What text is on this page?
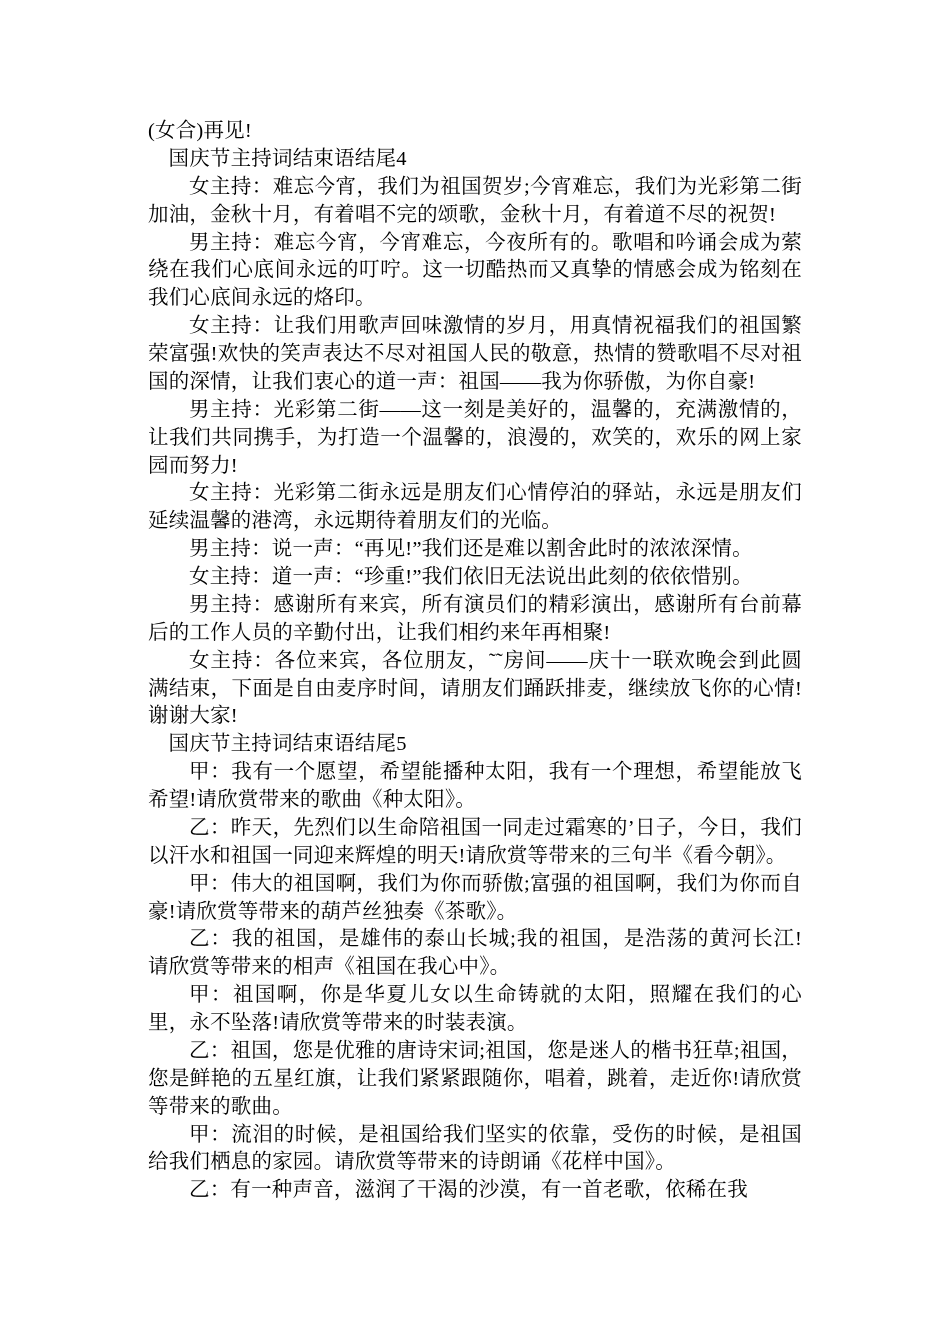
(女合)再见!

国庆节主持词结束语结尾4

女主持：难忘今宵，我们为祖国贺岁;今宵难忘，我们为光彩第二街加油，金秋十月，有着唱不完的颂歌，金秋十月，有着道不尽的祝贺!

男主持：难忘今宵，今宵难忘，今夜所有的。歌唱和吟诵会成为萦绕在我们心底间永远的叮咛。这一切酷热而又真挚的情感会成为铭刻在我们心底间永远的烙印。

女主持：让我们用歌声回味激情的岁月，用真情祝福我们的祖国繁荣富强!欢快的笑声表达不尽对祖国人民的敬意，热情的赞歌唱不尽对祖国的深情，让我们衷心的道一声：祖国——我为你骄傲，为你自豪!

男主持：光彩第二街——这一刻是美好的，温馨的，充满激情的，让我们共同携手，为打造一个温馨的，浪漫的，欢笑的，欢乐的网上家园而努力!

女主持：光彩第二街永远是朋友们心情停泊的驿站，永远是朋友们延续温馨的港湾，永远期待着朋友们的光临。

男主持：说一声：“再见!”我们还是难以割舍此时的浓浓深情。

女主持：道一声：“珍重!”我们依旧无法说出此刻的依依惜别。

男主持：感谢所有来宾，所有演员们的精彩演出，感谢所有台前幕后的工作人员的辛勤付出，让我们相约来年再相聚!

女主持：各位来宾，各位朋友，˜˜房间——庆十一联欢晚会到此圆满结束，下面是自由麦序时间，请朋友们踊跃排麦，继续放飞你的心情!谢谢大家!

国庆节主持词结束语结尾5

甲：我有一个愿望，希望能播种太阳，我有一个理想，希望能放飞希望!请欣赏带来的歌曲《种太阳》。

乙：昨天，先烈们以生命陪祖国一同走过霜寒的’日子，今日，我们以汗水和祖国一同迎来辉煌的明天!请欣赏等带来的三句半《看今朝》。

甲：伟大的祖国啊，我们为你而骄傲;富强的祖国啊，我们为你而自豪!请欣赏等带来的葫芦丝独奏《茶歌》。

乙：我的祖国，是雄伟的泰山长城;我的祖国，是浩荡的黄河长江!请欣赏等带来的相声《祖国在我心中》。

甲：祖国啊，你是华夏儿女以生命铸就的太阳，照耀在我们的心里，永不坠落!请欣赏等带来的时装表演。

乙：祖国，您是优雅的唐诗宋词;祖国，您是迷人的楷书狂草;祖国，您是鲜艳的五星红旗，让我们紧紧跟随你，唱着，跳着，走近你!请欣赏等带来的歌曲。

甲：流泪的时候，是祖国给我们坚实的依靠，受伤的时候，是祖国给我们栖息的家园。请欣赏等带来的诗朗诵《花样中国》。

乙：有一种声音，滋润了干渴的沙漠，有一首老歌，依稀在我
